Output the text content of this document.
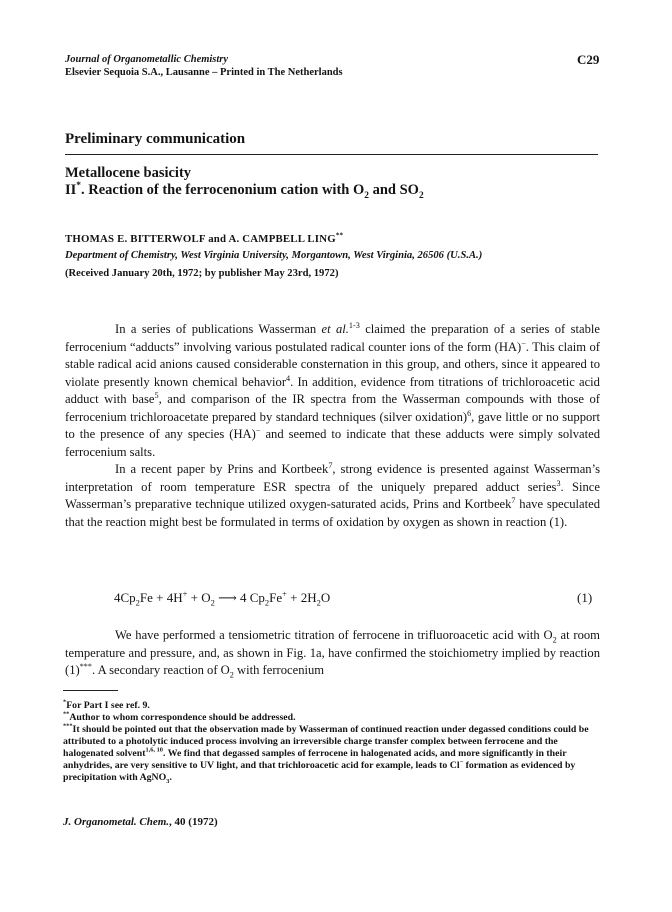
Journal of Organometallic Chemistry
Elsevier Sequoia S.A., Lausanne – Printed in The Netherlands
C29
Preliminary communication
Metallocene basicity
II*. Reaction of the ferrocenonium cation with $O_2$ and $SO_2$
THOMAS E. BITTERWOLF and A. CAMPBELL LING**
Department of Chemistry, West Virginia University, Morgantown, West Virginia, 26506 (U.S.A.)
(Received January 20th, 1972; by publisher May 23rd, 1972)

In a series of publications Wasserman et al.$^{1-3}$ claimed the preparation of a series of stable ferrocenium “adducts” involving various postulated radical counter ions of the form (HA)−. This claim of stable radical acid anions caused considerable consternation in this group, and others, since it appeared to violate presently known chemical behavior$^4$. In addition, evidence from titrations of trichloroacetic acid adduct with base$^5$, and comparison of the IR spectra from the Wasserman compounds with those of ferrocenium trichloroacetate prepared by standard techniques (silver oxidation)$^6$, gave little or no support to the presence of any species (HA)− and seemed to indicate that these adducts were simply solvated ferrocenium salts.

In a recent paper by Prins and Kortbeek$^7$, strong evidence is presented against Wasserman’s interpretation of room temperature ESR spectra of the uniquely prepared adduct series$^3$. Since Wasserman’s preparative technique utilized oxygen-saturated acids, Prins and Kortbeek$^7$ have speculated that the reaction might best be formulated in terms of oxidation by oxygen as shown in reaction (1).

$4Cp_2Fe + 4H^+ + O_2$ ⟶ 4 $Cp_2Fe^+ + 2H_2O$	(1)

We have performed a tensiometric titration of ferrocene in trifluoroacetic acid with $O_2$ at room temperature and pressure, and, as shown in Fig. 1a, have confirmed the stoichiometry implied by reaction (1)***. A secondary reaction of $O_2$ with ferrocenium

*For Part I see ref. 9.

**Author to whom correspondence should be addressed.

***It should be pointed out that the observation made by Wasserman of continued reaction under degassed conditions could be attributed to a photolytic induced process involving an irreversible charge transfer complex between ferrocene and the halogenated solvent$^{1,6, 10}$. We find that degassed samples of ferrocene in halogenated acids, and more significantly in their anhydrides, are very sensitive to UV light, and that trichloroacetic acid for example, leads to Cl− formation as evidenced by precipitation with AgNO$_3$.

J. Organometal. Chem., 40 (1972)
